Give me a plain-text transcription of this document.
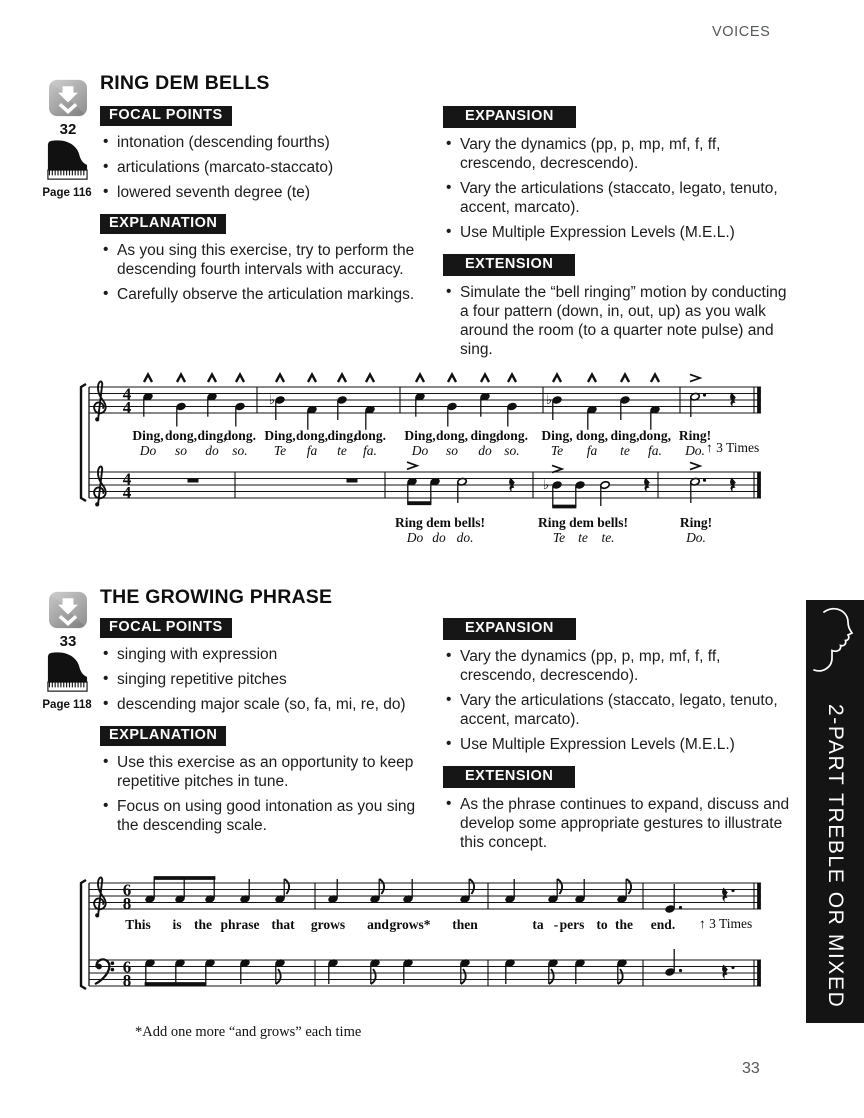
VOICES
32
Page 116
RING DEM BELLS
FOCAL POINTS
• intonation (descending fourths)
• articulations (marcato-staccato)
• lowered seventh degree (te)
EXPLANATION
• As you sing this exercise, try to perform the descending fourth intervals with accuracy.
• Carefully observe the articulation markings.
EXPANSION
• Vary the dynamics (pp, p, mp, mf, f, ff, crescendo, decrescendo).
• Vary the articulations (staccato, legato, tenuto, accent, marcato).
• Use Multiple Expression Levels (M.E.L.)
EXTENSION
• Simulate the “bell ringing” motion by conducting a four pattern (down, in, out, up) as you walk around the room (to a quarter note pulse) and sing.
4
4
4
4
♭	♭
♭
Ding, dong, ding,
dong.
Do so do so.
Ding, dong, ding,
dong.
Te fa te fa.
Ding, dong, ding,
dong.
Do so do so.
Ding, dong, ding, dong,
Te fa te fa.
Ring!
Do.
Ring dem bells!
Do do do.
Ring dem bells!
Te te te.
Ring!
Do.
↑ 3 Times
33
Page 118
THE GROWING PHRASE
FOCAL POINTS
• singing with expression
• singing repetitive pitches
• descending major scale (so, fa, mi, re, do)
EXPLANATION
• Use this exercise as an opportunity to keep repetitive pitches in tune.
• Focus on using good intonation as you sing the descending scale.
EXPANSION
• Vary the dynamics (pp, p, mp, mf, f, ff, crescendo, decrescendo).
• Vary the articulations (staccato, legato, tenuto, accent, marcato).
• Use Multiple Expression Levels (M.E.L.)
EXTENSION
• As the phrase continues to expand, discuss and develop some appropriate gestures to illustrate this concept.
6
8
6
8
This is the phrase that grows and grows* then	ta - pers to the end. ↑ 3 Times
*Add one more “and grows” each time
2-PART TREBLE OR MIXED
33
